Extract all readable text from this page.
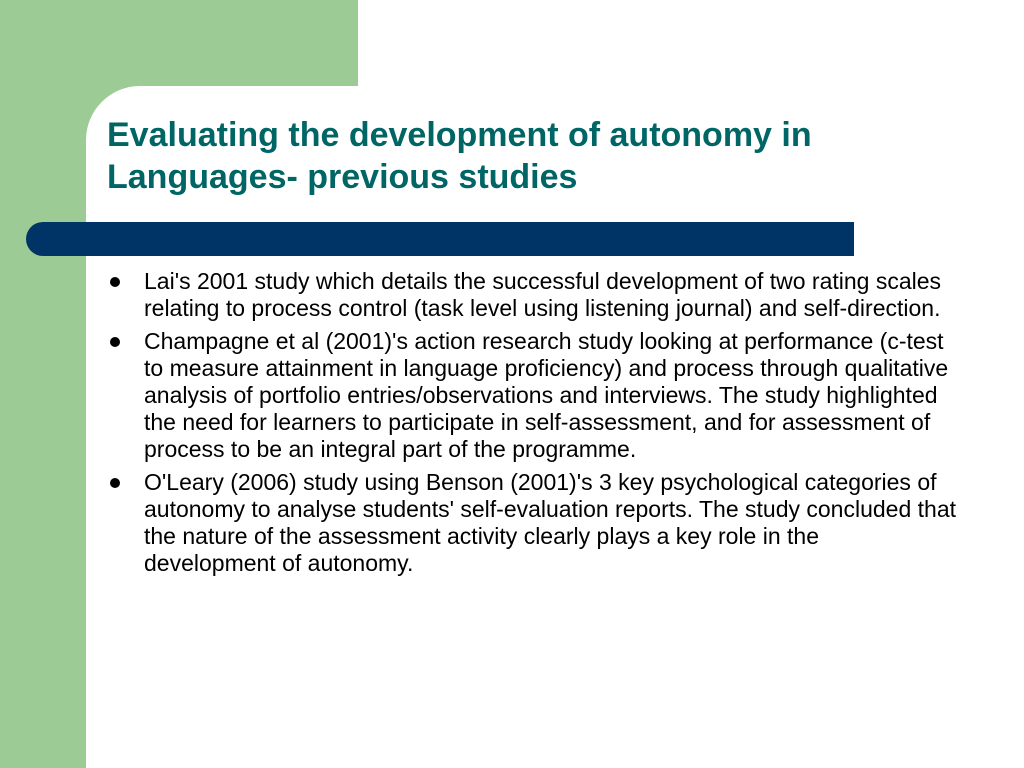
Evaluating the development of autonomy in
Languages- previous studies
Lai's 2001 study which details the successful development of two rating scales relating to process control (task level using listening journal) and self-direction.
Champagne et al (2001)'s action research study looking at performance (c-test to measure attainment in language proficiency) and process through qualitative analysis of portfolio entries/observations and interviews. The study highlighted the need for learners to participate in self-assessment, and for assessment of process to be an integral part of the programme.
O'Leary (2006) study using Benson (2001)'s 3 key psychological categories of autonomy to analyse students' self-evaluation reports. The study concluded that the nature of the assessment activity clearly plays a key role in the development of autonomy.
